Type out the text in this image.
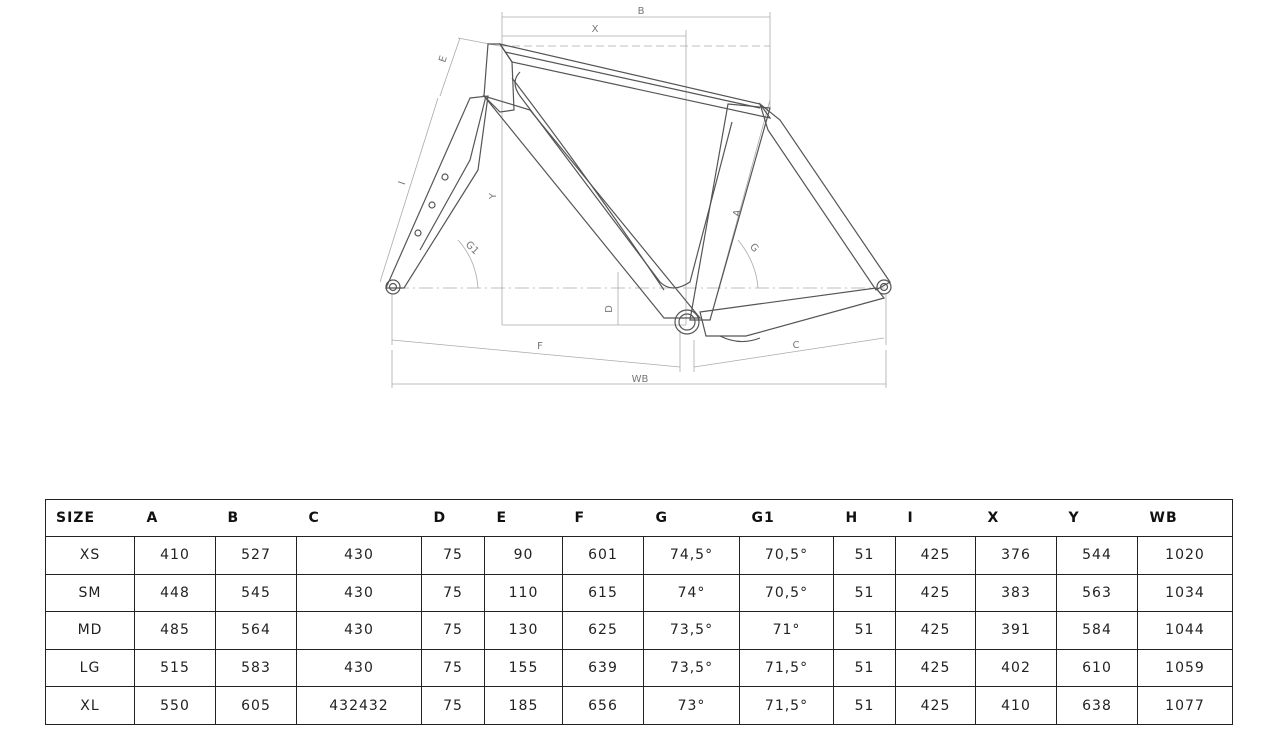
B
X
E
I
Y
G1
A
G
D
F	C
WB
SIZE	A	B	C	D	E	F	G	G1	H	I	X	Y	WB
XS	410	527	430	75	90	601	74,5°	70,5°	51	425	376	544	1020
SM	448	545	430	75	110	615	74°	70,5°	51	425	383	563	1034
MD	485	564	430	75	130	625	73,5°	71°	51	425	391	584	1044
LG	515	583	430	75	155	639	73,5°	71,5°	51	425	402	610	1059
XL	550	605	432432	75	185	656	73°	71,5°	51	425	410	638	1077
